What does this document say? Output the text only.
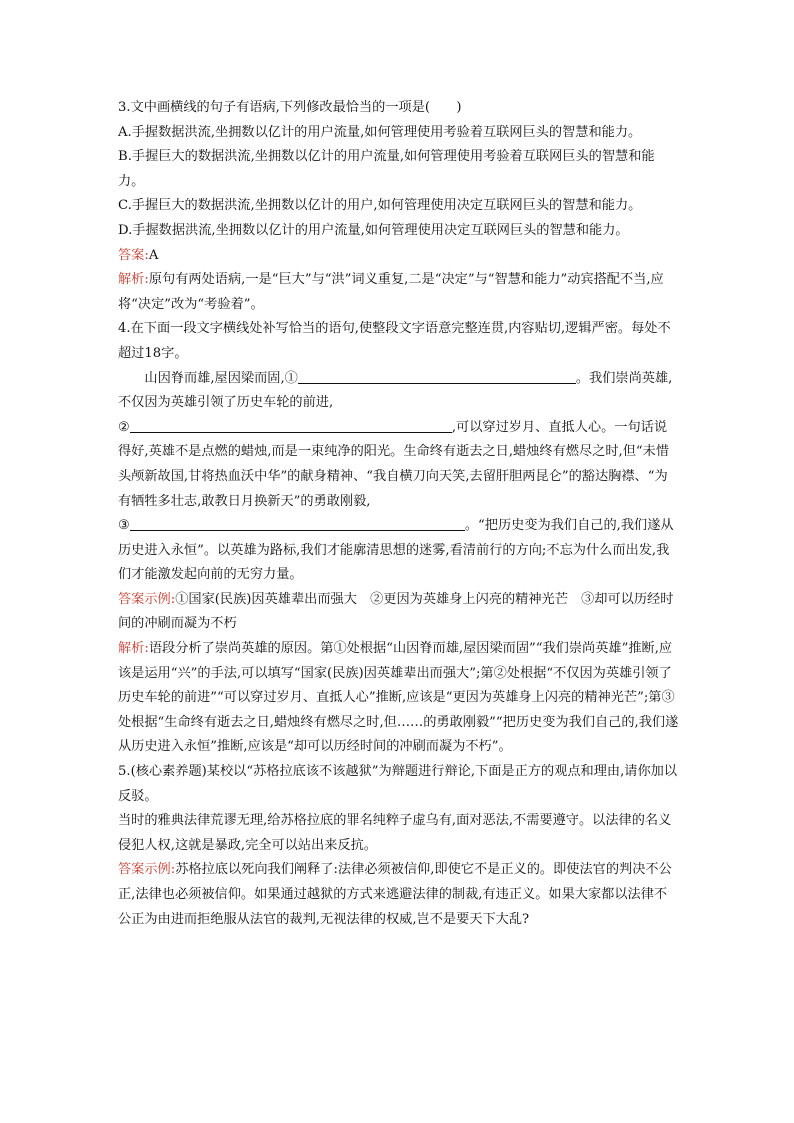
3.文中画横线的句子有语病,下列修改最恰当的一项是(　　)

A.手握数据洪流,坐拥数以亿计的用户流量,如何管理使用考验着互联网巨头的智慧和能力。

B.手握巨大的数据洪流,坐拥数以亿计的用户流量,如何管理使用考验着互联网巨头的智慧和能力。

C.手握巨大的数据洪流,坐拥数以亿计的用户,如何管理使用决定互联网巨头的智慧和能力。

D.手握数据洪流,坐拥数以亿计的用户流量,如何管理使用决定互联网巨头的智慧和能力。

答案:A

解析:原句有两处语病,一是“巨大”与“洪”词义重复,二是“决定”与“智慧和能力”动宾搭配不当,应将“决定”改为“考验着”。

4.在下面一段文字横线处补写恰当的语句,使整段文字语意完整连贯,内容贴切,逻辑严密。每处不超过18字。

山因脊而雄,屋因梁而固,①	。我们崇尚英雄,不仅因为英雄引领了历史车轮的前进,

②	,可以穿过岁月、直抵人心。一句话说得好,英雄不是点燃的蜡烛,而是一束纯净的阳光。生命终有逝去之日,蜡烛终有燃尽之时,但“未惜头颅新故国,甘将热血沃中华”的献身精神、“我自横刀向天笑,去留肝胆两昆仑”的豁达胸襟、“为有牺牲多壮志,敢教日月换新天”的勇敢刚毅,

③	。“把历史变为我们自己的,我们遂从历史进入永恒”。以英雄为路标,我们才能廓清思想的迷雾,看清前行的方向;不忘为什么而出发,我们才能激发起向前的无穷力量。

答案示例:①国家(民族)因英雄辈出而强大　②更因为英雄身上闪亮的精神光芒　③却可以历经时间的冲刷而凝为不朽

解析:语段分析了崇尚英雄的原因。第①处根据“山因脊而雄,屋因梁而固”“我们崇尚英雄”推断,应该是运用“兴”的手法,可以填写“国家(民族)因英雄辈出而强大”;第②处根据“不仅因为英雄引领了历史车轮的前进”“可以穿过岁月、直抵人心”推断,应该是“更因为英雄身上闪亮的精神光芒”;第③处根据“生命终有逝去之日,蜡烛终有燃尽之时,但……的勇敢刚毅”“把历史变为我们自己的,我们遂从历史进入永恒”推断,应该是“却可以历经时间的冲刷而凝为不朽”。

5.(核心素养题)某校以“苏格拉底该不该越狱”为辩题进行辩论,下面是正方的观点和理由,请你加以反驳。

当时的雅典法律荒谬无理,给苏格拉底的罪名纯粹子虚乌有,面对恶法,不需要遵守。以法律的名义侵犯人权,这就是暴政,完全可以站出来反抗。

答案示例:苏格拉底以死向我们阐释了:法律必须被信仰,即使它不是正义的。即使法官的判决不公正,法律也必须被信仰。如果通过越狱的方式来逃避法律的制裁,有违正义。如果大家都以法律不公正为由进而拒绝服从法官的裁判,无视法律的权威,岂不是要天下大乱?
